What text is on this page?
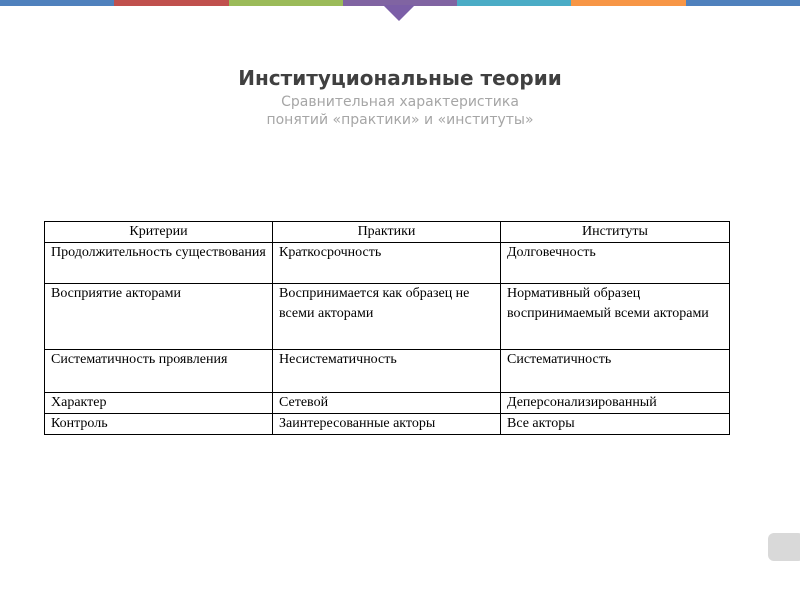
Институциональные теории
Сравнительная характеристика
понятий «практики» и «институты»
Критерии	Практики	Институты
Продолжительность существования	Краткосрочность	Долговечность
Восприятие акторами	Воспринимается как образец не всеми акторами	Нормативный образец воспринимаемый всеми акторами
Систематичность проявления	Несистематичность	Систематичность
Характер	Сетевой	Деперсонализированный
Контроль	Заинтересованные акторы	Все акторы
